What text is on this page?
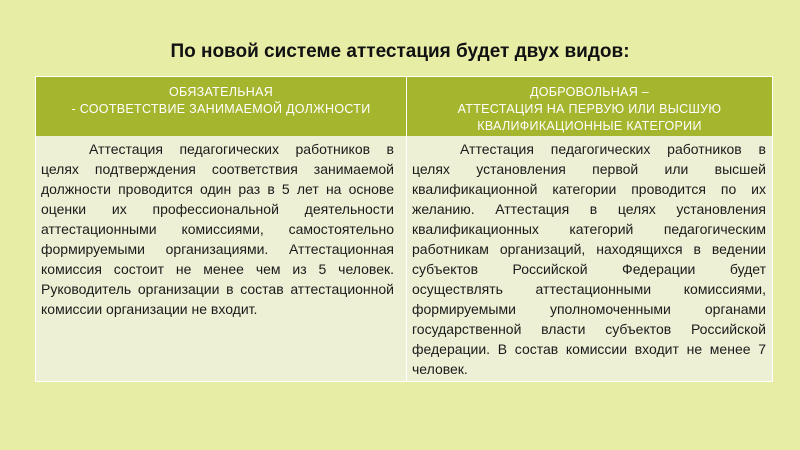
По новой системе аттестация будет двух видов:
ОБЯЗАТЕЛЬНАЯ
- СООТВЕТСТВИЕ ЗАНИМАЕМОЙ ДОЛЖНОСТИ
ДОБРОВОЛЬНАЯ –
АТТЕСТАЦИЯ НА ПЕРВУЮ ИЛИ ВЫСШУЮ
КВАЛИФИКАЦИОННЫЕ КАТЕГОРИИ

Аттестация педагогических работников в целях подтверждения соответствия занимаемой должности проводится один раз в 5 лет на основе оценки их профессиональной деятельности аттестационными комиссиями, самостоятельно формируемыми организациями. Аттестационная комиссия состоит не менее чем из 5 человек. Руководитель организации в состав аттестационной комиссии организации не входит.

Аттестация педагогических работников в целях установления первой или высшей квалификационной категории проводится по их желанию. Аттестация в целях установления квалификационных категорий педагогическим работникам организаций, находящихся в ведении субъектов Российской Федерации будет осуществлять аттестационными комиссиями, формируемыми уполномоченными органами государственной власти субъектов Российской федерации. В состав комиссии входит не менее 7 человек.
